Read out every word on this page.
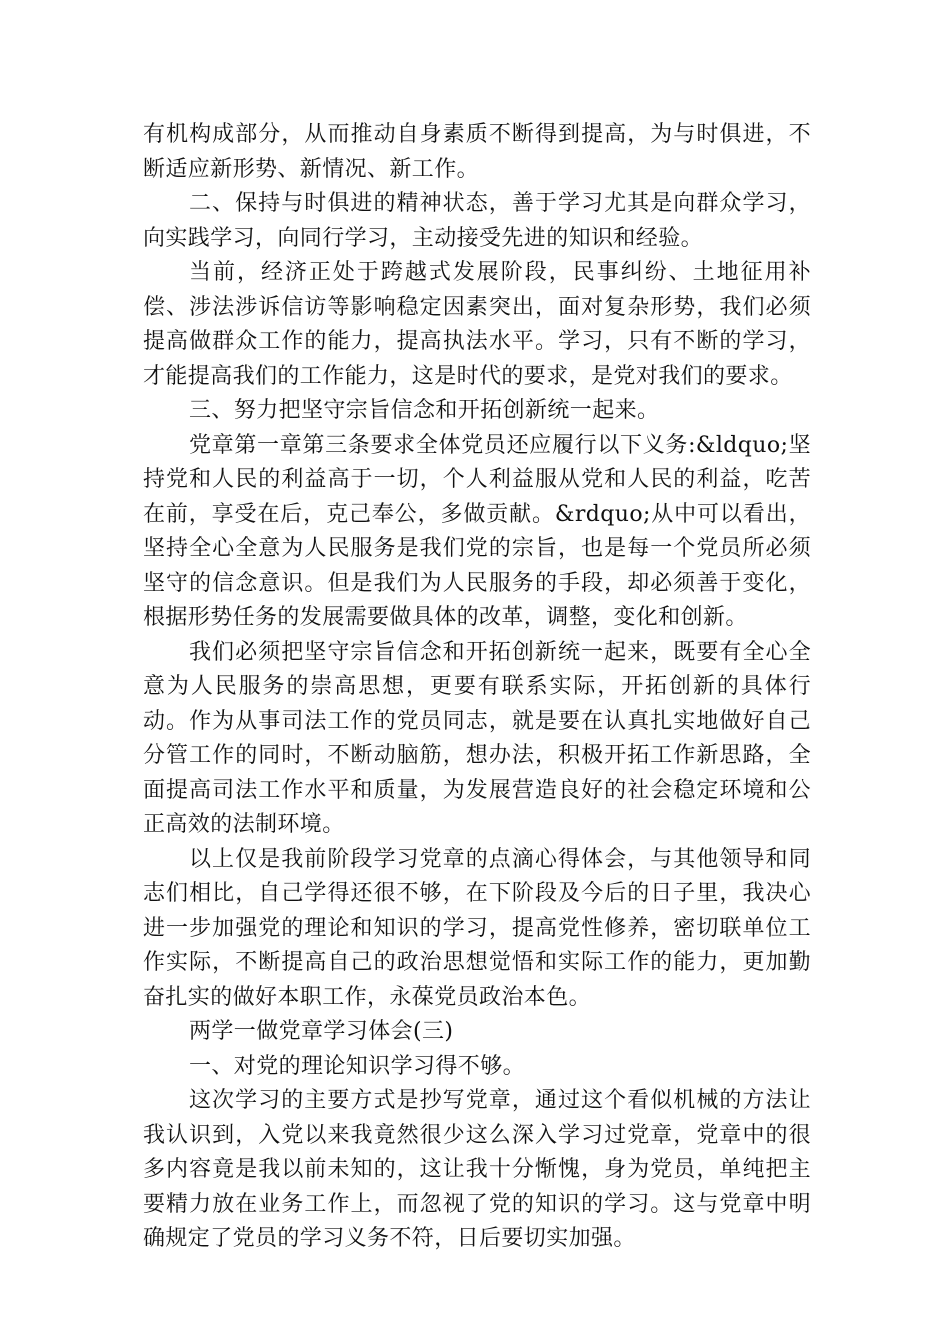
有机构成部分，从而推动自身素质不断得到提高，为与时俱进，不断适应新形势、新情况、新工作。

二、保持与时俱进的精神状态，善于学习尤其是向群众学习，向实践学习，向同行学习，主动接受先进的知识和经验。

当前，经济正处于跨越式发展阶段，民事纠纷、土地征用补偿、涉法涉诉信访等影响稳定因素突出，面对复杂形势，我们必须提高做群众工作的能力，提高执法水平。学习，只有不断的学习，才能提高我们的工作能力，这是时代的要求，是党对我们的要求。

三、努力把坚守宗旨信念和开拓创新统一起来。

党章第一章第三条要求全体党员还应履行以下义务:&ldquo;坚持党和人民的利益高于一切，个人利益服从党和人民的利益，吃苦在前，享受在后，克己奉公，多做贡献。&rdquo;从中可以看出，坚持全心全意为人民服务是我们党的宗旨，也是每一个党员所必须坚守的信念意识。但是我们为人民服务的手段，却必须善于变化，根据形势任务的发展需要做具体的改革，调整，变化和创新。

我们必须把坚守宗旨信念和开拓创新统一起来，既要有全心全意为人民服务的崇高思想，更要有联系实际，开拓创新的具体行动。作为从事司法工作的党员同志，就是要在认真扎实地做好自己分管工作的同时，不断动脑筋，想办法，积极开拓工作新思路，全面提高司法工作水平和质量，为发展营造良好的社会稳定环境和公正高效的法制环境。

以上仅是我前阶段学习党章的点滴心得体会，与其他领导和同志们相比，自己学得还很不够，在下阶段及今后的日子里，我决心进一步加强党的理论和知识的学习，提高党性修养，密切联单位工作实际，不断提高自己的政治思想觉悟和实际工作的能力，更加勤奋扎实的做好本职工作，永葆党员政治本色。

两学一做党章学习体会(三)

一、对党的理论知识学习得不够。

这次学习的主要方式是抄写党章，通过这个看似机械的方法让我认识到，入党以来我竟然很少这么深入学习过党章，党章中的很多内容竟是我以前未知的，这让我十分惭愧，身为党员，单纯把主要精力放在业务工作上，而忽视了党的知识的学习。这与党章中明确规定了党员的学习义务不符，日后要切实加强。
